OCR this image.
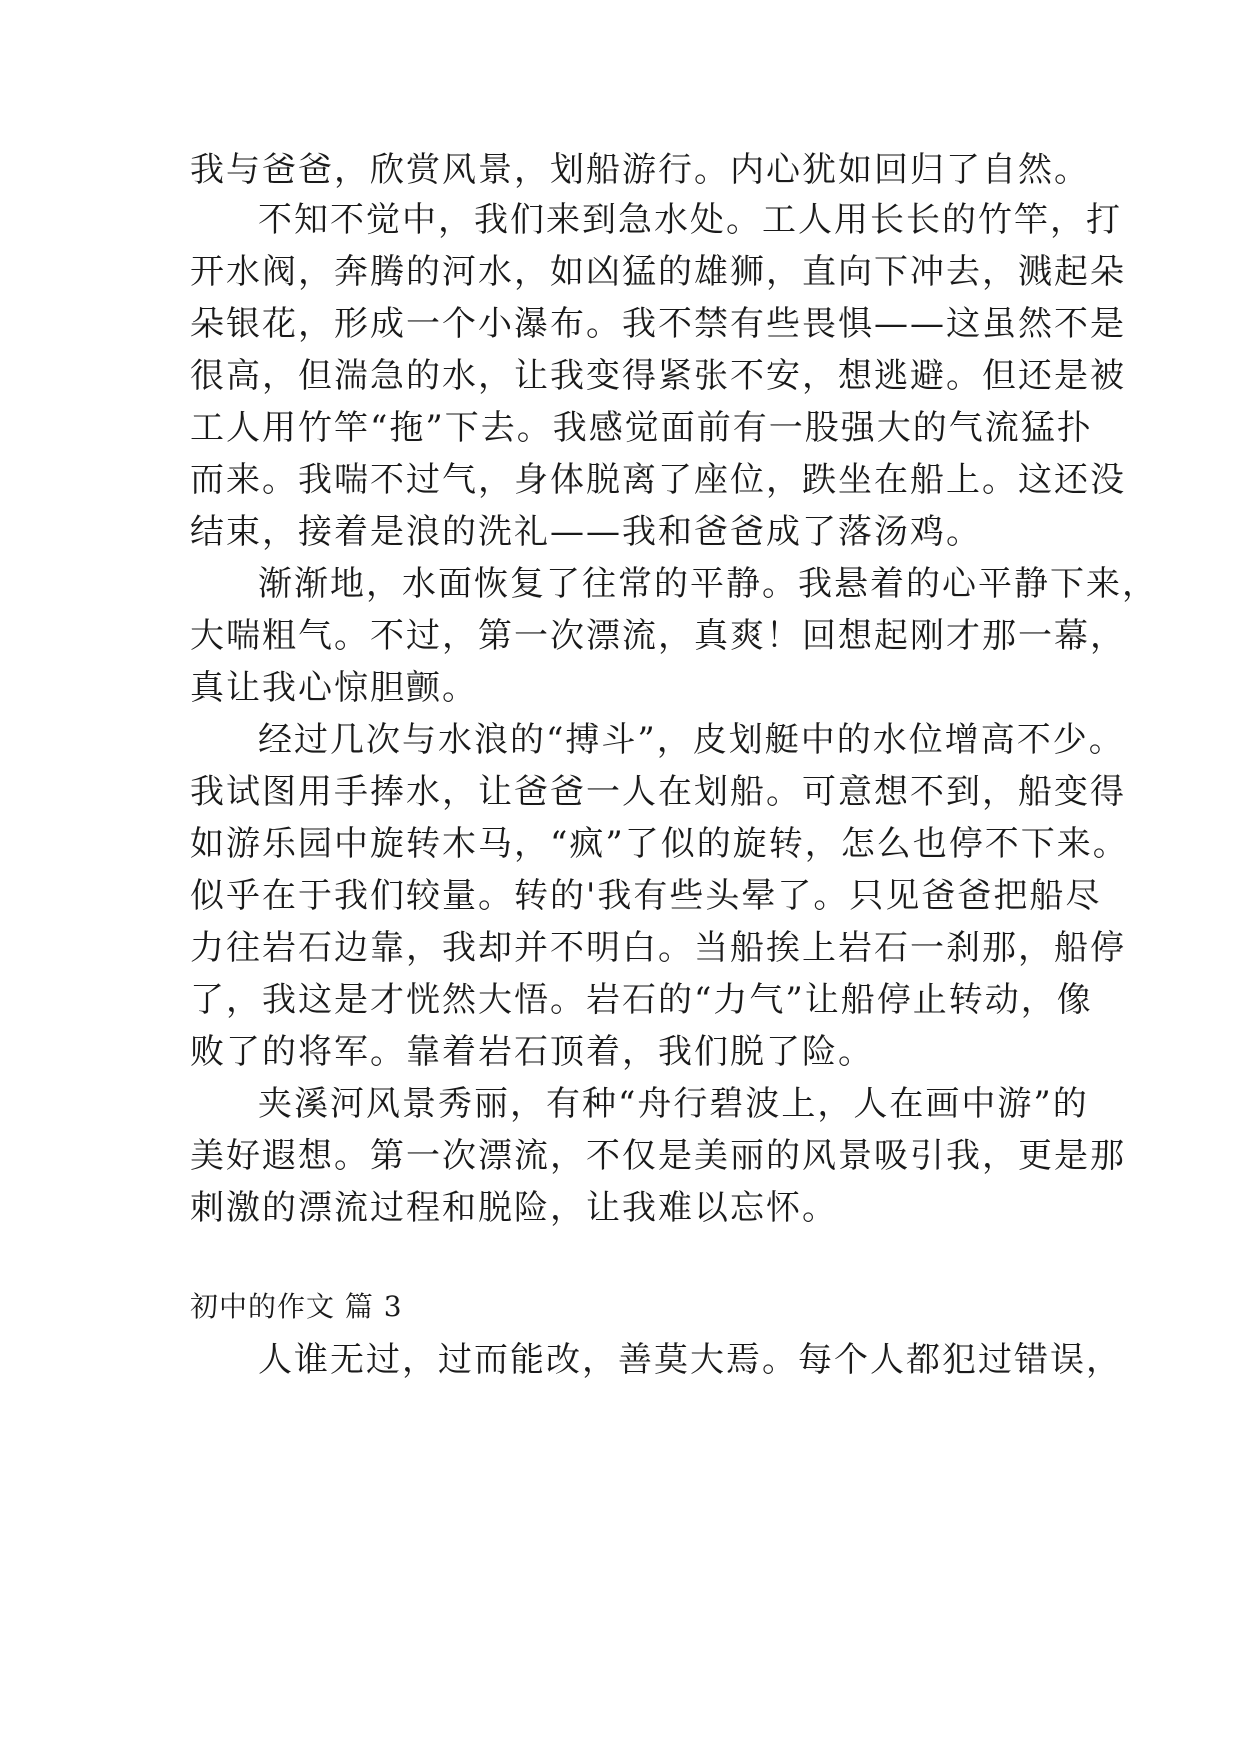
我与爸爸，欣赏风景，划船游行。内心犹如回归了自然。
不知不觉中，我们来到急水处。工人用长长的竹竿，打
开水阀，奔腾的河水，如凶猛的雄狮，直向下冲去，溅起朵
朵银花，形成一个小瀑布。我不禁有些畏惧——这虽然不是
很高，但湍急的水，让我变得紧张不安，想逃避。但还是被
工人用竹竿“拖”下去。我感觉面前有一股强大的气流猛扑
而来。我喘不过气，身体脱离了座位，跌坐在船上。这还没
结束，接着是浪的洗礼——我和爸爸成了落汤鸡。
渐渐地，水面恢复了往常的平静。我悬着的心平静下来，
大喘粗气。不过，第一次漂流，真爽！回想起刚才那一幕，
真让我心惊胆颤。
经过几次与水浪的“搏斗”，皮划艇中的水位增高不少。
我试图用手捧水，让爸爸一人在划船。可意想不到，船变得
如游乐园中旋转木马，“疯”了似的旋转，怎么也停不下来。
似乎在于我们较量。转的'我有些头晕了。只见爸爸把船尽
力往岩石边靠，我却并不明白。当船挨上岩石一刹那，船停
了，我这是才恍然大悟。岩石的“力气”让船停止转动，像
败了的将军。靠着岩石顶着，我们脱了险。
夹溪河风景秀丽，有种“舟行碧波上，人在画中游”的
美好遐想。第一次漂流，不仅是美丽的风景吸引我，更是那
刺激的漂流过程和脱险，让我难以忘怀。
初中的作文 篇 3
人谁无过，过而能改，善莫大焉。每个人都犯过错误，
